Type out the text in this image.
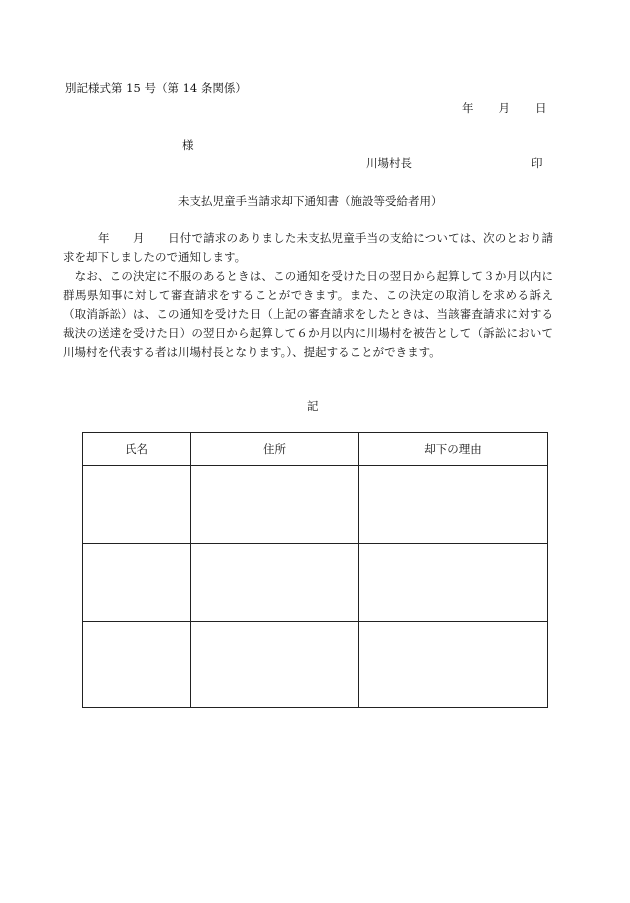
別記様式第 15 号（第 14 条関係）
年 月 日
様
川場村長	印
未支払児童手当請求却下通知書（施設等受給者用）
　　　年　　月　　日付で請求のありました未支払児童手当の支給については、次のとおり請求を却下しましたので通知します。
　なお、この決定に不服のあるときは、この通知を受けた日の翌日から起算して３か月以内に群馬県知事に対して審査請求をすることができます。また、この決定の取消しを求める訴え（取消訴訟）は、この通知を受けた日（上記の審査請求をしたときは、当該審査請求に対する裁決の送達を受けた日）の翌日から起算して６か月以内に川場村を被告として（訴訟において川場村を代表する者は川場村長となります。）、提起することができます。
記
氏名	住所	却下の理由
